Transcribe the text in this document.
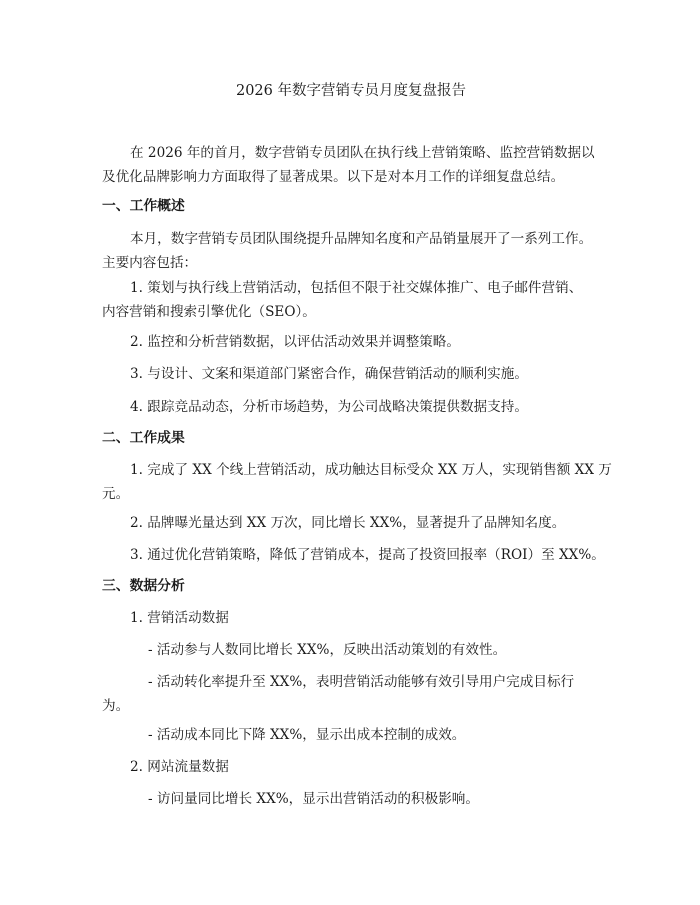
2026 年数字营销专员月度复盘报告
在 2026 年的首月，数字营销专员团队在执行线上营销策略、监控营销数据以
及优化品牌影响力方面取得了显著成果。以下是对本月工作的详细复盘总结。
一、工作概述
本月，数字营销专员团队围绕提升品牌知名度和产品销量展开了一系列工作。
主要内容包括：
1. 策划与执行线上营销活动，包括但不限于社交媒体推广、电子邮件营销、
内容营销和搜索引擎优化（SEO）。
2. 监控和分析营销数据，以评估活动效果并调整策略。
3. 与设计、文案和渠道部门紧密合作，确保营销活动的顺利实施。
4. 跟踪竞品动态，分析市场趋势，为公司战略决策提供数据支持。
二、工作成果
1. 完成了 XX 个线上营销活动，成功触达目标受众 XX 万人，实现销售额 XX 万
元。
2. 品牌曝光量达到 XX 万次，同比增长 XX%，显著提升了品牌知名度。
3. 通过优化营销策略，降低了营销成本，提高了投资回报率（ROI）至 XX%。
三、数据分析
1. 营销活动数据
- 活动参与人数同比增长 XX%，反映出活动策划的有效性。
- 活动转化率提升至 XX%，表明营销活动能够有效引导用户完成目标行
为。
- 活动成本同比下降 XX%，显示出成本控制的成效。
2. 网站流量数据
- 访问量同比增长 XX%，显示出营销活动的积极影响。
